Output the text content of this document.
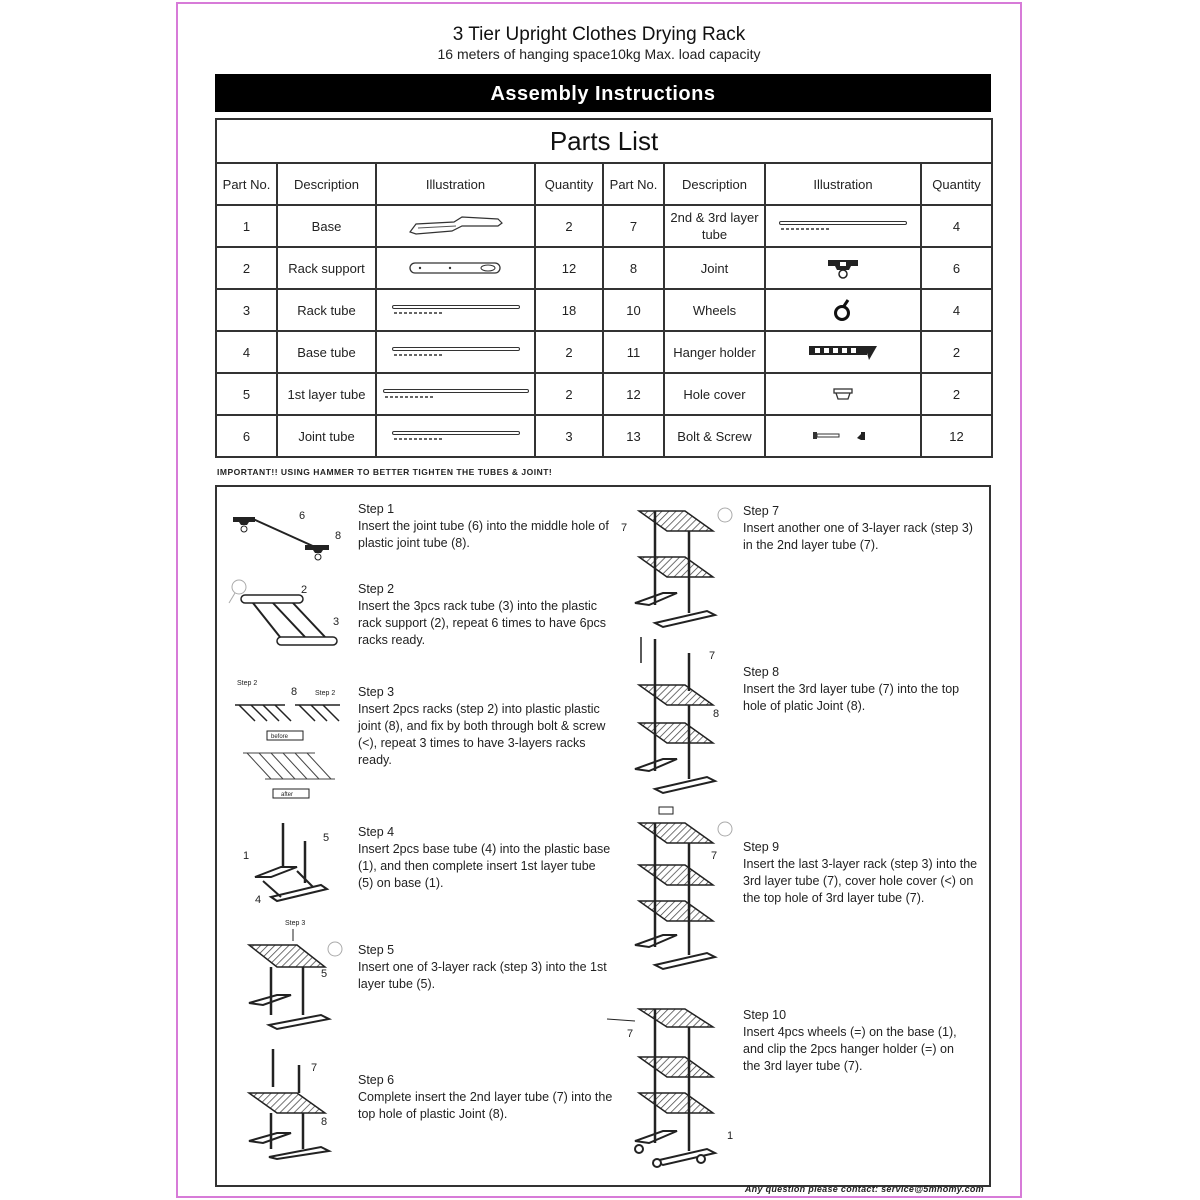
3 Tier Upright Clothes Drying Rack
16 meters of hanging space10kg Max. load capacity
Assembly Instructions
Parts List							
Part No.	Description	Illustration	Quantity	Part No.	Description	Illustration	Quantity
1	Base		2	7	2nd & 3rd layer tube		4
2	Rack support		12	8	Joint		6
3	Rack tube		18	10	Wheels		4
4	Base tube		2	11	Hanger holder		2
5	1st layer tube		2	12	Hole cover		2
6	Joint tube		3	13	Bolt & Screw		12
IMPORTANT!! USING HAMMER TO BETTER TIGHTEN THE TUBES & JOINT!
Step 1
Insert the joint tube (6) into the middle hole of plastic joint tube (8).
Step 2
Insert the 3pcs rack tube (3) into the plastic rack support (2), repeat 6 times to have 6pcs racks ready.
Step 3
Insert 2pcs racks (step 2) into plastic plastic joint (8), and fix by both through bolt & screw (<), repeat 3 times to have 3-layers racks ready.
Step 4
Insert 2pcs base tube (4) into the plastic base (1), and then complete insert 1st layer tube (5) on base (1).
Step 5
Insert one of 3-layer rack (step 3) into the 1st layer tube (5).
Step 6
Complete insert the 2nd layer tube (7) into the top hole of plastic Joint (8).
Step 7
Insert another one of 3-layer rack (step 3) in the 2nd layer tube (7).
Step 8
Insert the 3rd layer tube (7) into the top hole of platic Joint (8).
Step 9
Insert the last 3-layer rack (step 3) into the 3rd layer tube (7), cover hole cover (<) on the top hole of 3rd layer tube (7).
Step 10
Insert 4pcs wheels (=) on the base (1), and clip the 2pcs hanger holder (=) on the 3rd layer tube (7).
6
8
2
3
Step 2
8	Step 2
before
after
1
5
4
Step 3
5
7
8
7
7
8
7
7
1
Any question please contact: service@5mhomy.com
